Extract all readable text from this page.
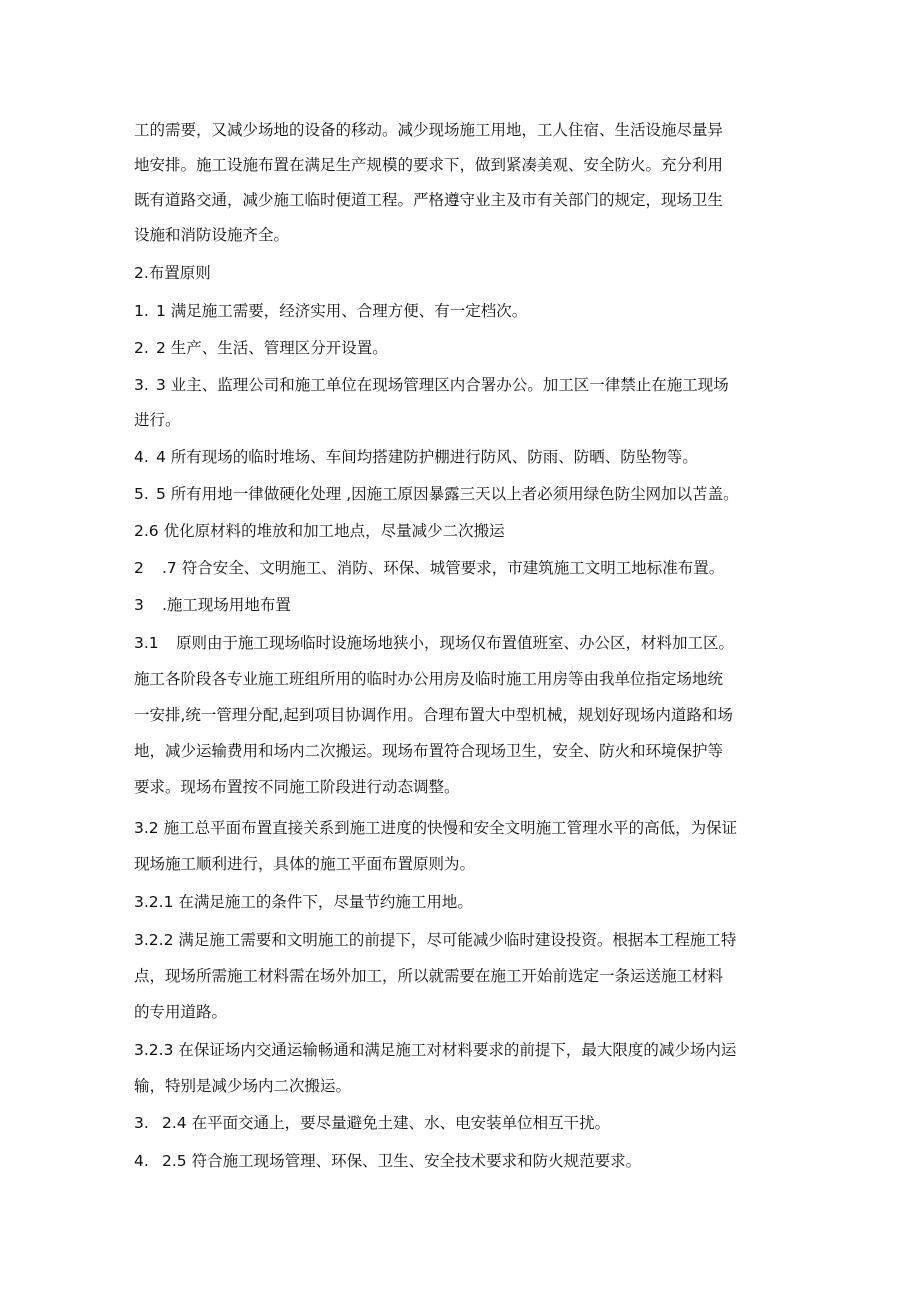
工的需要，又减少场地的设备的移动。减少现场施工用地，工人住宿、生活设施尽量异
地安排。施工设施布置在满足生产规模的要求下，做到紧凑美观、安全防火。充分利用
既有道路交通，减少施工临时便道工程。严格遵守业主及市有关部门的规定，现场卫生
设施和消防设施齐全。
2.布置原则
1. 1 满足施工需要，经济实用、合理方便、有一定档次。
2. 2 生产、生活、管理区分开设置。
3. 3 业主、监理公司和施工单位在现场管理区内合署办公。加工区一律禁止在施工现场
进行。
4. 4 所有现场的临时堆场、车间均搭建防护棚进行防风、防雨、防晒、防坠物等。
5. 5 所有用地一律做硬化处理 ,因施工原因暴露三天以上者必须用绿色防尘网加以苫盖。
2.6 优化原材料的堆放和加工地点，尽量减少二次搬运
2 .7 符合安全、文明施工、消防、环保、城管要求，市建筑施工文明工地标准布置。
3 .施工现场用地布置
3.1 原则由于施工现场临时设施场地狭小，现场仅布置值班室、办公区，材料加工区。
施工各阶段各专业施工班组所用的临时办公用房及临时施工用房等由我单位指定场地统
一安排,统一管理分配,起到项目协调作用。合理布置大中型机械，规划好现场内道路和场
地，减少运输费用和场内二次搬运。现场布置符合现场卫生，安全、防火和环境保护等
要求。现场布置按不同施工阶段进行动态调整。
3.2 施工总平面布置直接关系到施工进度的快慢和安全文明施工管理水平的高低，为保证
现场施工顺利进行，具体的施工平面布置原则为。
3.2.1 在满足施工的条件下，尽量节约施工用地。
3.2.2 满足施工需要和文明施工的前提下，尽可能减少临时建设投资。根据本工程施工特
点，现场所需施工材料需在场外加工，所以就需要在施工开始前选定一条运送施工材料
的专用道路。
3.2.3 在保证场内交通运输畅通和满足施工对材料要求的前提下，最大限度的减少场内运
输，特别是减少场内二次搬运。
3. 2.4 在平面交通上，要尽量避免土建、水、电安装单位相互干扰。
4. 2.5 符合施工现场管理、环保、卫生、安全技术要求和防火规范要求。
